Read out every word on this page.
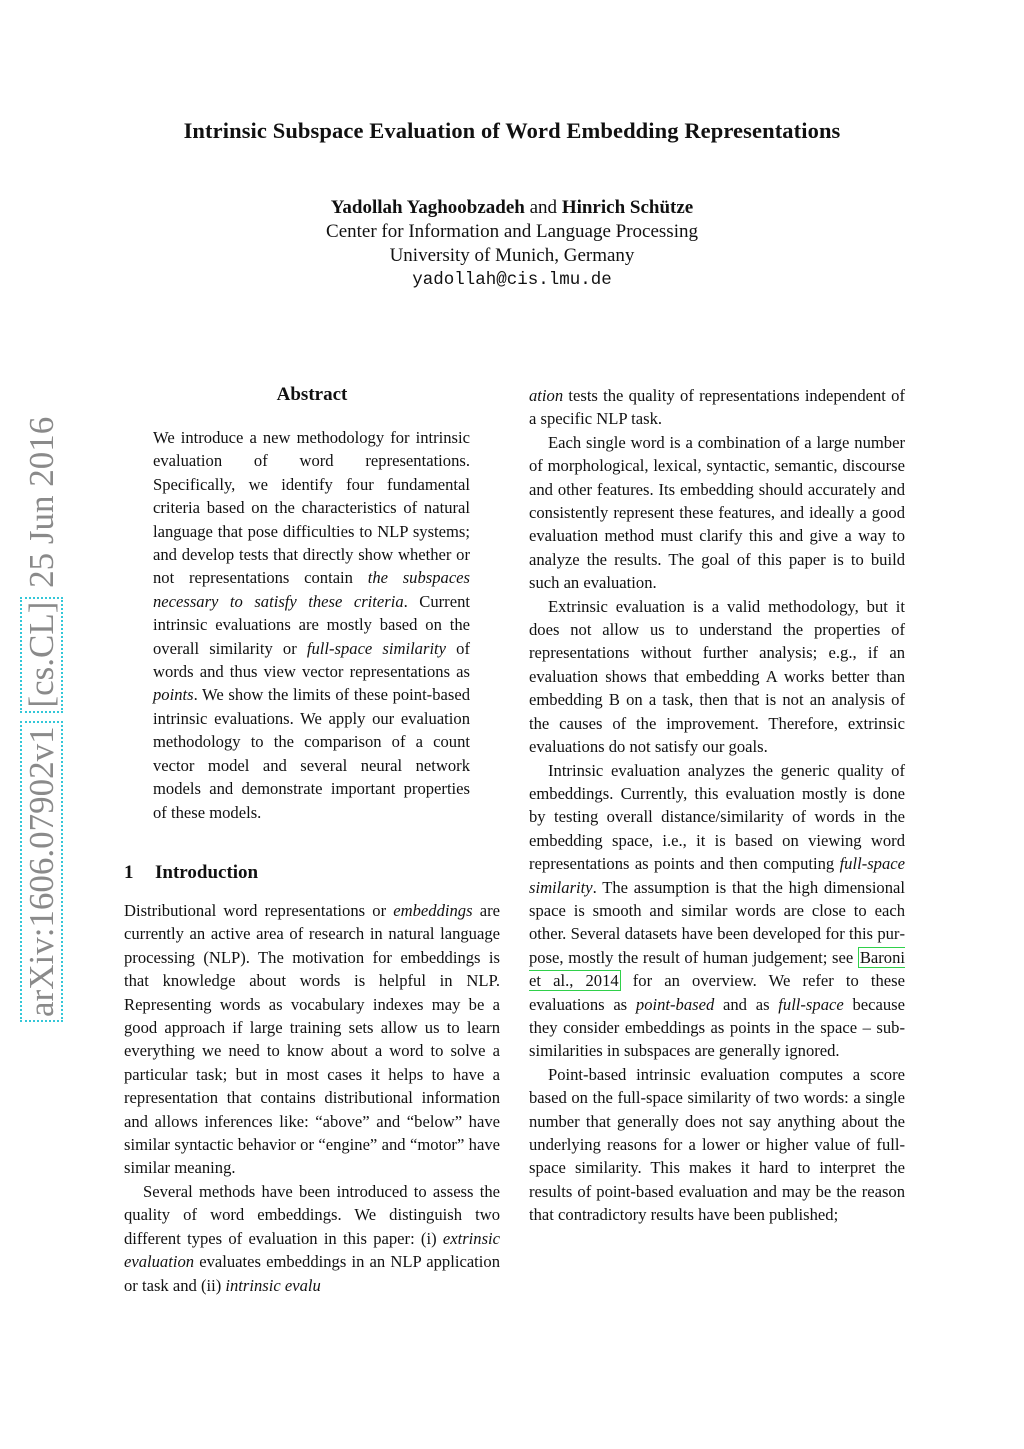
Intrinsic Subspace Evaluation of Word Embedding Representations
Yadollah Yaghoobzadeh and Hinrich Schütze
Center for Information and Language Processing
University of Munich, Germany
yadollah@cis.lmu.de
arXiv:1606.07902v1 [cs.CL] 25 Jun 2016
Abstract

We introduce a new methodology for intrinsic evaluation of word representations. Specifically, we identify four fundamental criteria based on the characteristics of natural language that pose difficulties to NLP systems; and develop tests that directly show whether or not representations contain the subspaces necessary to satisfy these criteria. Current intrinsic evaluations are mostly based on the overall similarity or full-space similarity of words and thus view vector representations as points. We show the limits of these point-based intrinsic evaluations. We apply our evaluation methodology to the comparison of a count vector model and several neural network models and demonstrate important properties of these models.

1 Introduction

Distributional word representations or embeddings are currently an active area of research in natural language processing (NLP). The motivation for embeddings is that knowledge about words is helpful in NLP. Representing words as vocabulary indexes may be a good approach if large training sets allow us to learn everything we need to know about a word to solve a particular task; but in most cases it helps to have a representation that contains distributional information and allows inferences like: “above” and “below” have similar syntactic behavior or “engine” and “motor” have similar meaning.

Several methods have been introduced to assess the quality of word embeddings. We distinguish two different types of evaluation in this paper: (i) extrinsic evaluation evaluates embeddings in an NLP application or task and (ii) intrinsic evalu

ation tests the quality of representations independent of a specific NLP task.

Each single word is a combination of a large number of morphological, lexical, syntactic, semantic, discourse and other features. Its embedding should accurately and consistently represent these features, and ideally a good evaluation method must clarify this and give a way to analyze the results. The goal of this paper is to build such an evaluation.

Extrinsic evaluation is a valid methodology, but it does not allow us to understand the properties of representations without further analysis; e.g., if an evaluation shows that embedding A works better than embedding B on a task, then that is not an analysis of the causes of the improvement. Therefore, extrinsic evaluations do not satisfy our goals.

Intrinsic evaluation analyzes the generic quality of embeddings. Currently, this evaluation mostly is done by testing overall distance/similarity of words in the embedding space, i.e., it is based on viewing word representations as points and then computing full-space similarity. The assumption is that the high dimensional space is smooth and similar words are close to each other. Several datasets have been developed for this purpose, mostly the result of human judgement; see Baroni et al., 2014 for an overview. We refer to these evaluations as point-based and as full-space because they consider embeddings as points in the space – sub-similarities in subspaces are generally ignored.

Point-based intrinsic evaluation computes a score based on the full-space similarity of two words: a single number that generally does not say anything about the underlying reasons for a lower or higher value of full-space similarity. This makes it hard to interpret the results of point-based evaluation and may be the reason that contradictory results have been published;
